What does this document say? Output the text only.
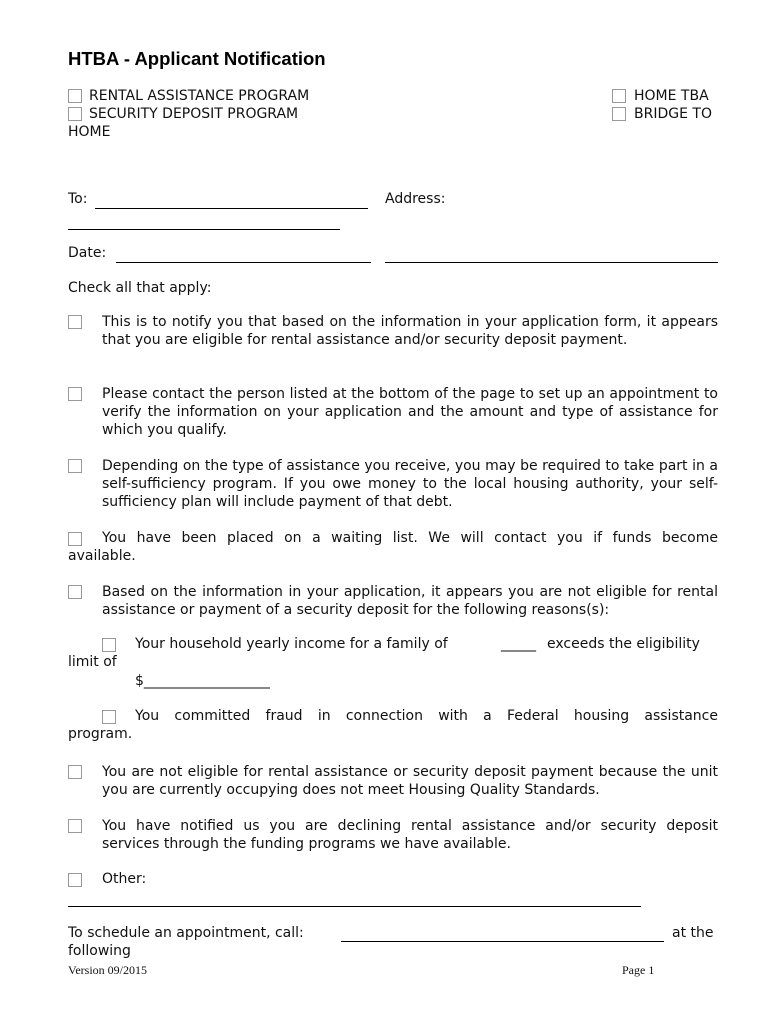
HTBA - Applicant Notification
RENTAL ASSISTANCE PROGRAM
SECURITY DEPOSIT PROGRAM
HOME
HOME TBA
BRIDGE TO
To:	Address:
Date:
Check all that apply:
This is to notify you that based on the information in your application form, it appears that you are eligible for rental assistance and/or security deposit payment.
Please contact the person listed at the bottom of the page to set up an appointment to verify the information on your application and the amount and type of assistance for which you qualify.
Depending on the type of assistance you receive, you may be required to take part in a self-sufficiency program. If you owe money to the local housing authority, your self-sufficiency plan will include payment of that debt.
You have been placed on a waiting list. We will contact you if funds become
available.
Based on the information in your application, it appears you are not eligible for rental assistance or payment of a security deposit for the following reasons(s):
Your household yearly income for a family of	_____ exceeds the eligibility
limit of
$__________________
You committed fraud in connection with a Federal housing assistance
program.
You are not eligible for rental assistance or security deposit payment because the unit you are currently occupying does not meet Housing Quality Standards.
You have notified us you are declining rental assistance and/or security deposit services through the funding programs we have available.
Other:
To schedule an appointment, call:	at the
following
Version 09/2015	Page 1
